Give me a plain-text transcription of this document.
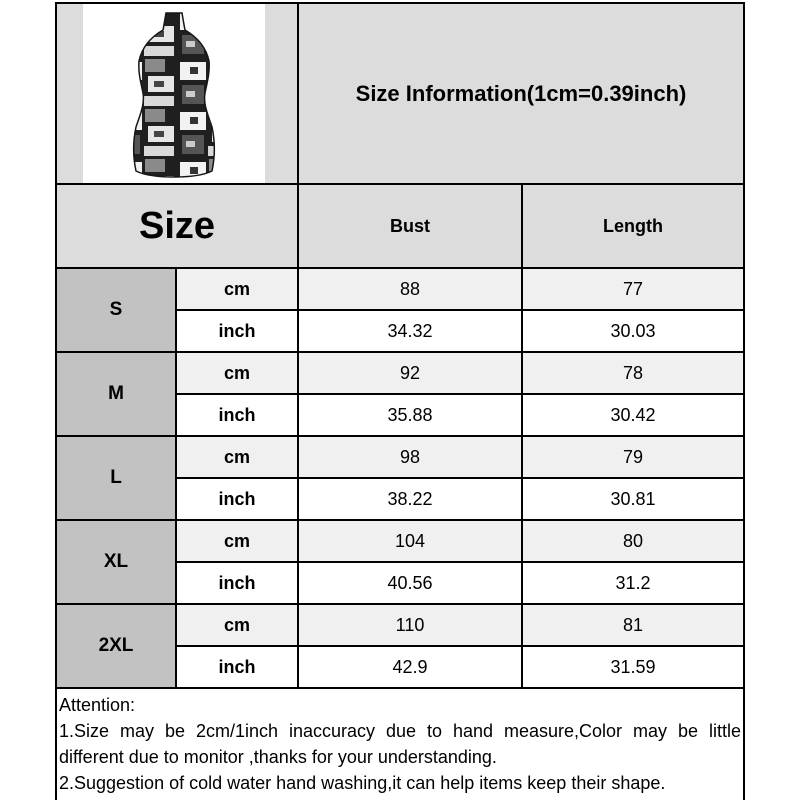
Size Information(1cm=0.39inch)
Size	Bust	Length
S
cm	88	77
inch	34.32	30.03
M
cm	92	78
inch	35.88	30.42
L
cm	98	79
inch	38.22	30.81
XL
cm	104	80
inch	40.56	31.2
2XL
cm	110	81
inch	42.9	31.59
Attention:
1.Size may be 2cm/1inch inaccuracy due to hand measure,Color may be little
different due to monitor ,thanks for your understanding.
2.Suggestion of cold water hand washing,it can help items keep their shape.
